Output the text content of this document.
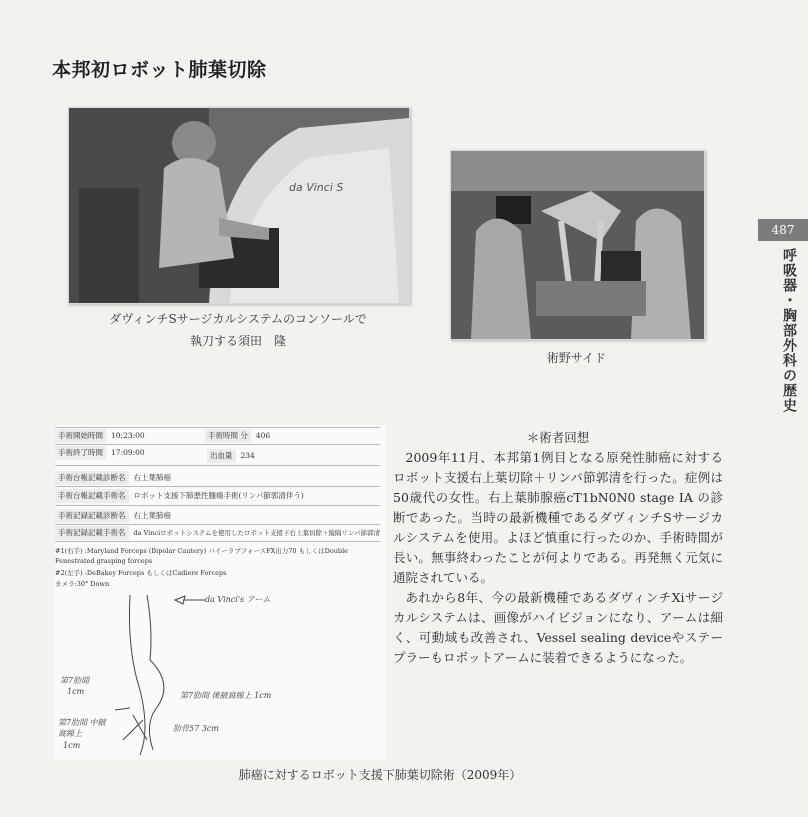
本邦初ロボット肺葉切除
487
呼吸器・胸部外科の歴史
da Vinci S
ダヴィンチSサージカルシステムのコンソールで
執刀する須田　隆
術野サイド
手術開始時間 10:23:00	手術時間 分 406
手術終了時間 17:09:00	出血量 234
手術台帳記載診断名 右上葉肺癌
手術台帳記載手術名 ロボット支援下肺悪性腫瘍手術(リンパ節郭清伴う)
手術記録記載診断名 右上葉肺癌
手術記録記載手術名 da Vinciロボットシステムを使用したロボット支援下右上葉切除＋縦隔リンパ節郭清
#1(右手) :Maryland Forceps (Bipolar Cautery) バイーラブフォースFX出力70 もしくはDouble Fenestrated grasping forceps
#2(左手) :DeBakey Forceps もしくはCadiere Forceps
カメラ:30° Down
da Vinci's アーム
第7肋間
1cm	第7肋間 後腋窩線上 1cm
第7肋間 中腋窩線上
1cm
肋骨57 3cm

＊術者回想

2009年11月、本邦第1例目となる原発性肺癌に対するロボット支援右上葉切除＋リンパ節郭清を行った。症例は50歳代の女性。右上葉肺腺癌cT1bN0N0 stage IA の診断であった。当時の最新機種であるダヴィンチSサージカルシステムを使用。よほど慎重に行ったのか、手術時間が長い。無事終わったことが何よりである。再発無く元気に通院されている。

あれから8年、今の最新機種であるダヴィンチXiサージカルシステムは、画像がハイビジョンになり、アームは細く、可動域も改善され、Vessel sealing deviceやステープラーもロボットアームに装着できるようになった。

肺癌に対するロボット支援下肺葉切除術（2009年）
